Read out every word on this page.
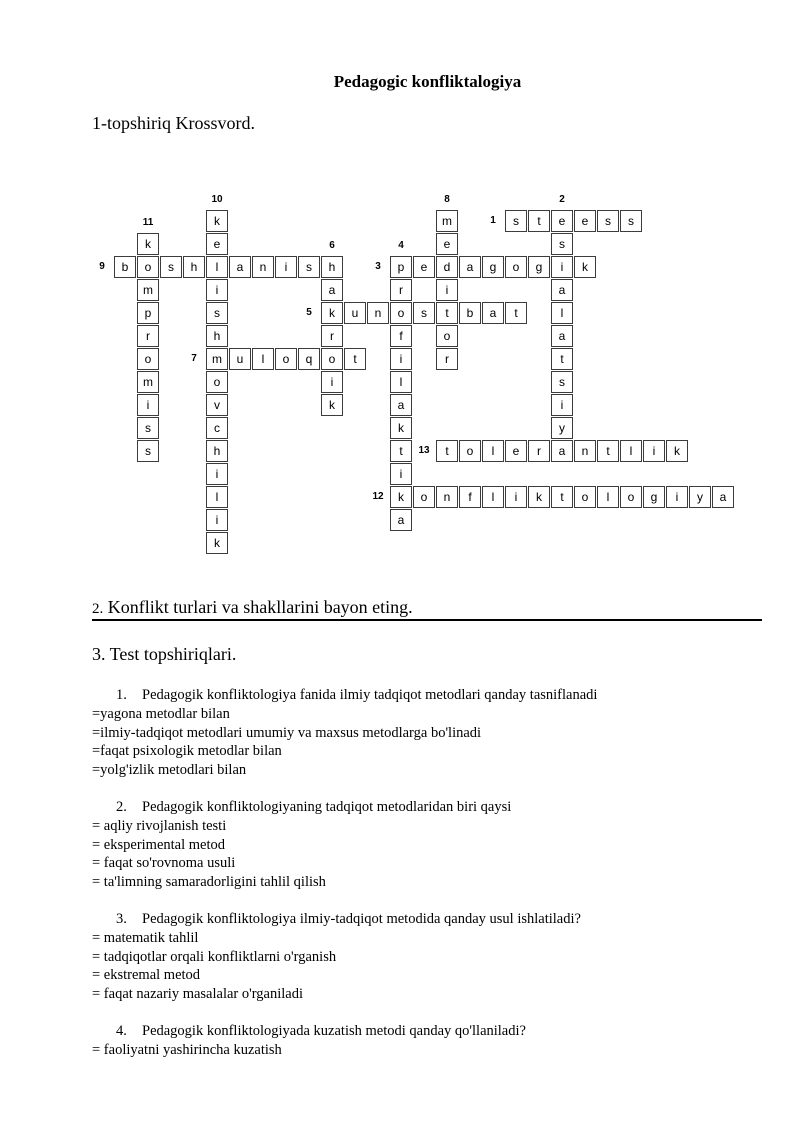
Pedagogic konfliktalogiya
1-topshiriq Krossvord.
s	t	e	e	s	s
s
i
a
l
a
t
s
i
y
p	e	d	a	g	o	g	k
r
o
f
i
l
a
k
t
i
k
a
k	u	n	s	t	b	a	t
h
a
r
o
i
k
m	u	l	o	q	t
m
e
i
o
r
b	o	s	h	l	a	n	i	s
k
e
i
s
h
o
v
c
h
i
l
i
k
k
m
p
r
o
m
i
s
s
o	n	f	l	i	k	t	o	l	o	g	i	y	a
t	o	l	e	r	a	n	t	l	i	k
1
2
3
4
5
6
7
8
9
10
11
12
13
2. Konflikt turlari va shakllarini bayon eting.
3. Test topshiriqlari.
1. Pedagogik konfliktologiya fanida ilmiy tadqiqot metodlari qanday tasniflanadi
=yagona metodlar bilan
=ilmiy-tadqiqot metodlari umumiy va maxsus metodlarga bo'linadi
=faqat psixologik metodlar bilan
=yolg'izlik metodlari bilan
2. Pedagogik konfliktologiyaning tadqiqot metodlaridan biri qaysi
= aqliy rivojlanish testi
= eksperimental metod
= faqat so'rovnoma usuli
= ta'limning samaradorligini tahlil qilish
3. Pedagogik konfliktologiya ilmiy-tadqiqot metodida qanday usul ishlatiladi?
= matematik tahlil
= tadqiqotlar orqali konfliktlarni o'rganish
= ekstremal metod
= faqat nazariy masalalar o'rganiladi
4. Pedagogik konfliktologiyada kuzatish metodi qanday qo'llaniladi?
= faoliyatni yashirincha kuzatish
